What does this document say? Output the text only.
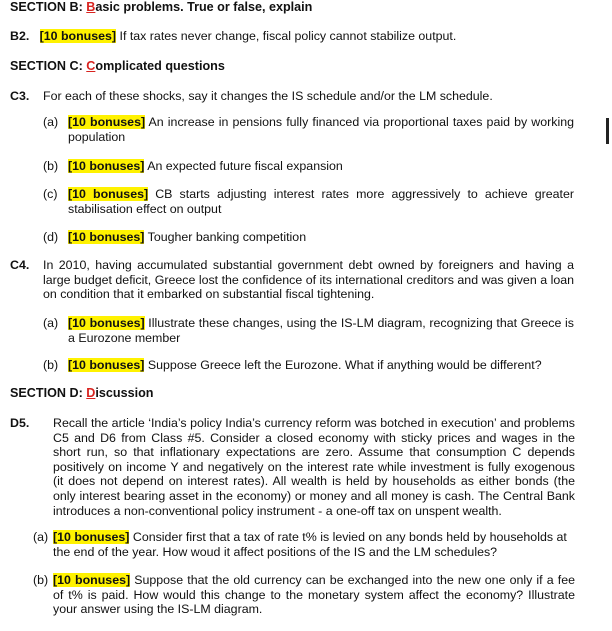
SECTION B: Basic problems. True or false, explain
B2. [10 bonuses] If tax rates never change, fiscal policy cannot stabilize output.
SECTION C: Complicated questions
C3. For each of these shocks, say it changes the IS schedule and/or the LM schedule.
(a) [10 bonuses] An increase in pensions fully financed via proportional taxes paid by working population
(b) [10 bonuses] An expected future fiscal expansion
(c) [10 bonuses] CB starts adjusting interest rates more aggressively to achieve greater stabilisation effect on output
(d) [10 bonuses] Tougher banking competition
C4. In 2010, having accumulated substantial government debt owned by foreigners and having a large budget deficit, Greece lost the confidence of its international creditors and was given a loan on condition that it embarked on substantial fiscal tightening.
(a) [10 bonuses] Illustrate these changes, using the IS-LM diagram, recognizing that Greece is a Eurozone member
(b) [10 bonuses] Suppose Greece left the Eurozone. What if anything would be different?
SECTION D: Discussion
D5. Recall the article ‘India’s policy India’s currency reform was botched in execution’ and problems C5 and D6 from Class #5. Consider a closed economy with sticky prices and wages in the short run, so that inflationary expectations are zero. Assume that consumption C depends positively on income Y and negatively on the interest rate while investment is fully exogenous (it does not depend on interest rates). All wealth is held by households as either bonds (the only interest bearing asset in the economy) or money and all money is cash. The Central Bank introduces a non-conventional policy instrument - a one-off tax on unspent wealth.
(a) [10 bonuses] Consider first that a tax of rate t% is levied on any bonds held by households at the end of the year. How woud it affect positions of the IS and the LM schedules?
(b) [10 bonuses] Suppose that the old currency can be exchanged into the new one only if a fee of t% is paid. How would this change to the monetary system affect the economy? Illustrate your answer using the IS-LM diagram.
